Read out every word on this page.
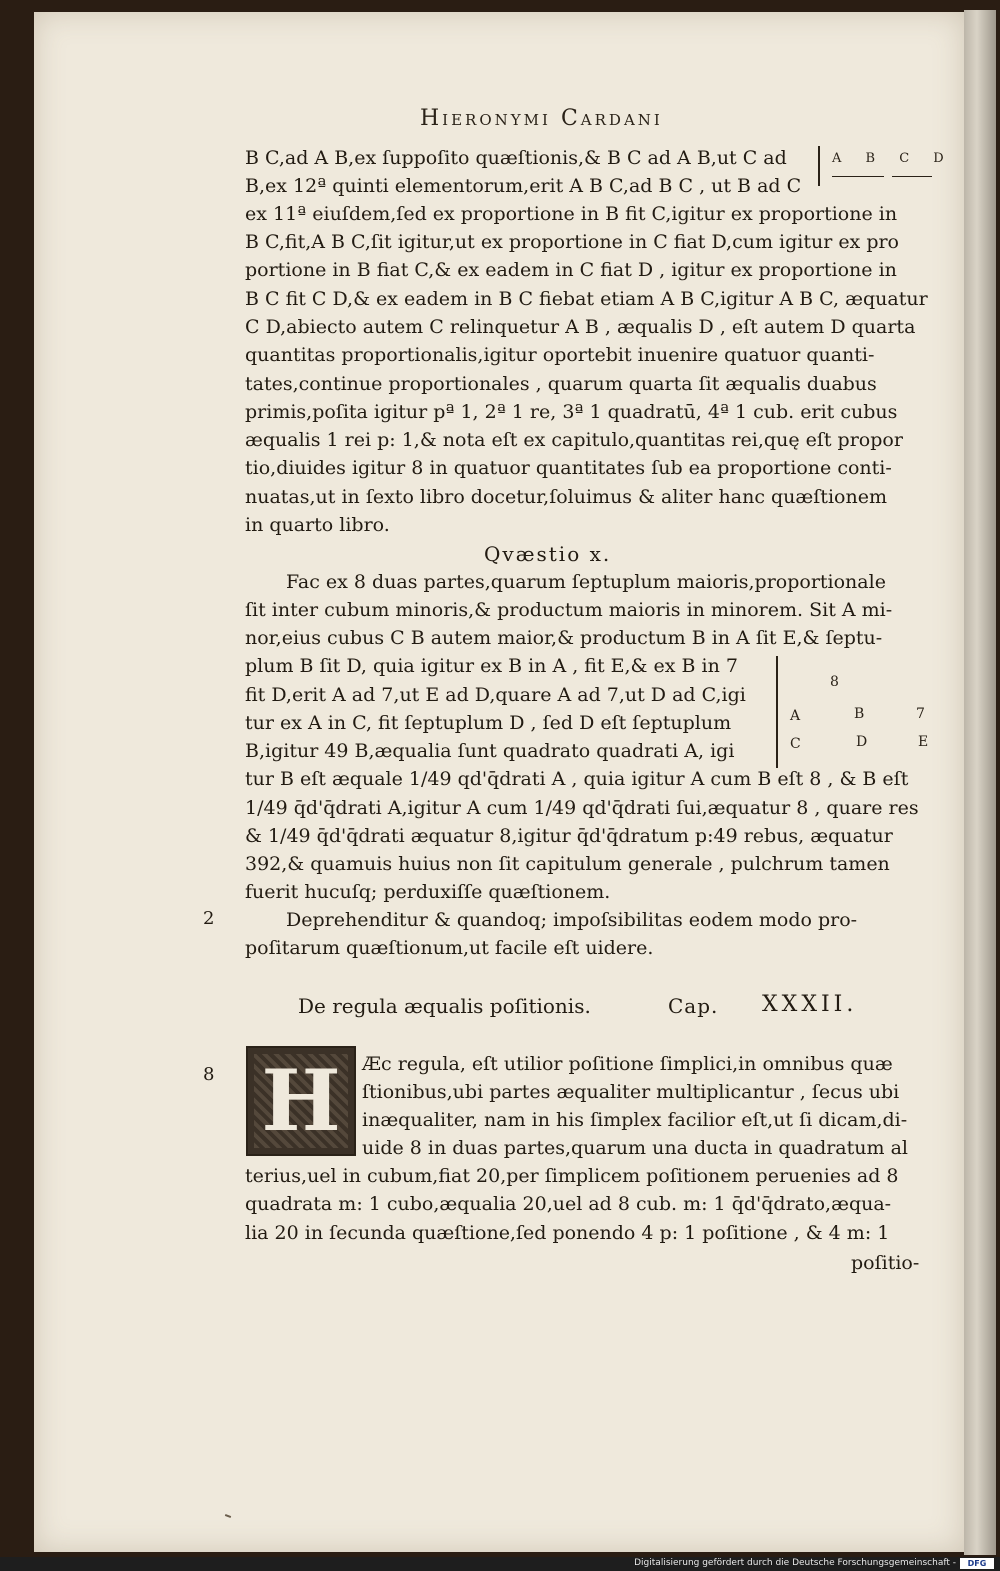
Hieronymi Cardani
B C,ad A B,ex ſuppoſito quæſtionis,& B C ad A B,ut C ad
B,ex 12ª quinti elementorum,erit A B C,ad B C , ut B ad C
ex 11ª eiuſdem,ſed ex proportione in B fit C,igitur ex proportione in
B C,fit,A B C,ſit igitur,ut ex proportione in C fiat D,cum igitur ex pro
portione in B fiat C,& ex eadem in C fiat D , igitur ex proportione in
B C fit C D,& ex eadem in B C fiebat etiam A B C,igitur A B C, æquatur
C D,abiecto autem C relinquetur A B , æqualis D , eſt autem D quarta
quantitas proportionalis,igitur oportebit inuenire quatuor quanti-
tates,continue proportionales , quarum quarta ſit æqualis duabus
primis,poſita igitur pª 1, 2ª 1 re, 3ª 1 quadratū, 4ª 1 cub. erit cubus
æqualis 1 rei p: 1,& nota eſt ex capitulo,quantitas rei,quę eſt propor
tio,diuides igitur 8 in quatuor quantitates ſub ea proportione conti-
nuatas,ut in ſexto libro docetur,ſoluimus & aliter hanc quæſtionem
in quarto libro.
A B C D
Qvæstio x.
Fac ex 8 duas partes,quarum ſeptuplum maioris,proportionale
ſit inter cubum minoris,& productum maioris in minorem. Sit A mi-
nor,eius cubus C B autem maior,& productum B in A ſit E,& ſeptu-
plum B ſit D, quia igitur ex B in A , fit E,& ex B in 7
fit D,erit A ad 7,ut E ad D,quare A ad 7,ut D ad C,igi
tur ex A in C, fit ſeptuplum D , ſed D eſt ſeptuplum
B,igitur 49 B,æqualia ſunt quadrato quadrati A, igi
tur B eſt æquale 1/49 qd'q̄drati A , quia igitur A cum B eſt 8 , & B eſt
1/49 q̄d'q̄drati A,igitur A cum 1/49 qd'q̄drati ſui,æquatur 8 , quare res
& 1/49 q̄d'q̄drati æquatur 8,igitur q̄d'q̄dratum p:49 rebus, æquatur
392,& quamuis huius non ſit capitulum generale , pulchrum tamen
fuerit hucuſq; perduxiſſe quæſtionem.
8
A	B	7
C	D	E
2	Deprehenditur & quandoq; impoſsibilitas eodem modo pro-
poſitarum quæſtionum,ut facile eſt uidere.
De regula æqualis poſitionis.	Cap. XXXII.
8 H	Æc regula, eſt utilior poſitione ſimplici,in omnibus quæ
ſtionibus,ubi partes æqualiter multiplicantur , ſecus ubi
inæqualiter, nam in his ſimplex facilior eſt,ut ſi dicam,di-
uide 8 in duas partes,quarum una ducta in quadratum al
terius,uel in cubum,fiat 20,per ſimplicem poſitionem peruenies ad 8
quadrata m: 1 cubo,æqualia 20,uel ad 8 cub. m: 1 q̄d'q̄drato,æqua-
lia 20 in ſecunda quæſtione,ſed ponendo 4 p: 1 poſitione , & 4 m: 1
poſitio-
Digitalisierung gefördert durch die Deutsche Forschungsgemeinschaft -	DFG
